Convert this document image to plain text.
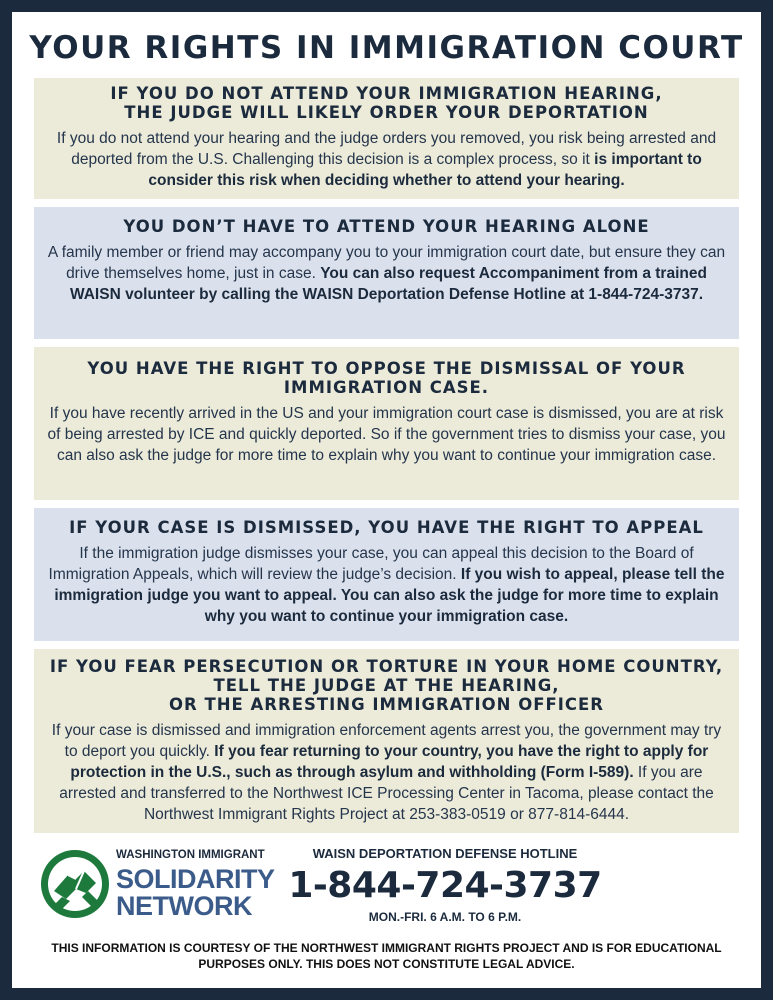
YOUR RIGHTS IN IMMIGRATION COURT
IF YOU DO NOT ATTEND YOUR IMMIGRATION HEARING,
THE JUDGE WILL LIKELY ORDER YOUR DEPORTATION

If you do not attend your hearing and the judge orders you removed, you risk being arrested and deported from the U.S. Challenging this decision is a complex process, so it is important to consider this risk when deciding whether to attend your hearing.

YOU DON’T HAVE TO ATTEND YOUR HEARING ALONE

A family member or friend may accompany you to your immigration court date, but ensure they can drive themselves home, just in case. You can also request Accompaniment from a trained WAISN volunteer by calling the WAISN Deportation Defense Hotline at 1-844-724-3737.

YOU HAVE THE RIGHT TO OPPOSE THE DISMISSAL OF YOUR
IMMIGRATION CASE.

If you have recently arrived in the US and your immigration court case is dismissed, you are at risk of being arrested by ICE and quickly deported. So if the government tries to dismiss your case, you can also ask the judge for more time to explain why you want to continue your immigration case.

IF YOUR CASE IS DISMISSED, YOU HAVE THE RIGHT TO APPEAL

If the immigration judge dismisses your case, you can appeal this decision to the Board of Immigration Appeals, which will review the judge’s decision. If you wish to appeal, please tell the immigration judge you want to appeal. You can also ask the judge for more time to explain why you want to continue your immigration case.

IF YOU FEAR PERSECUTION OR TORTURE IN YOUR HOME COUNTRY,
TELL THE JUDGE AT THE HEARING,
OR THE ARRESTING IMMIGRATION OFFICER

If your case is dismissed and immigration enforcement agents arrest you, the government may try to deport you quickly. If you fear returning to your country, you have the right to apply for protection in the U.S., such as through asylum and withholding (Form I-589). If you are arrested and transferred to the Northwest ICE Processing Center in Tacoma, please contact the Northwest Immigrant Rights Project at 253-383-0519 or 877-814-6444.

WASHINGTON IMMIGRANT
SOLIDARITY
NETWORK
WAISN DEPORTATION DEFENSE HOTLINE
1-844-724-3737
MON.-FRI. 6 A.M. TO 6 P.M.
THIS INFORMATION IS COURTESY OF THE NORTHWEST IMMIGRANT RIGHTS PROJECT AND IS FOR EDUCATIONAL PURPOSES ONLY. THIS DOES NOT CONSTITUTE LEGAL ADVICE.
